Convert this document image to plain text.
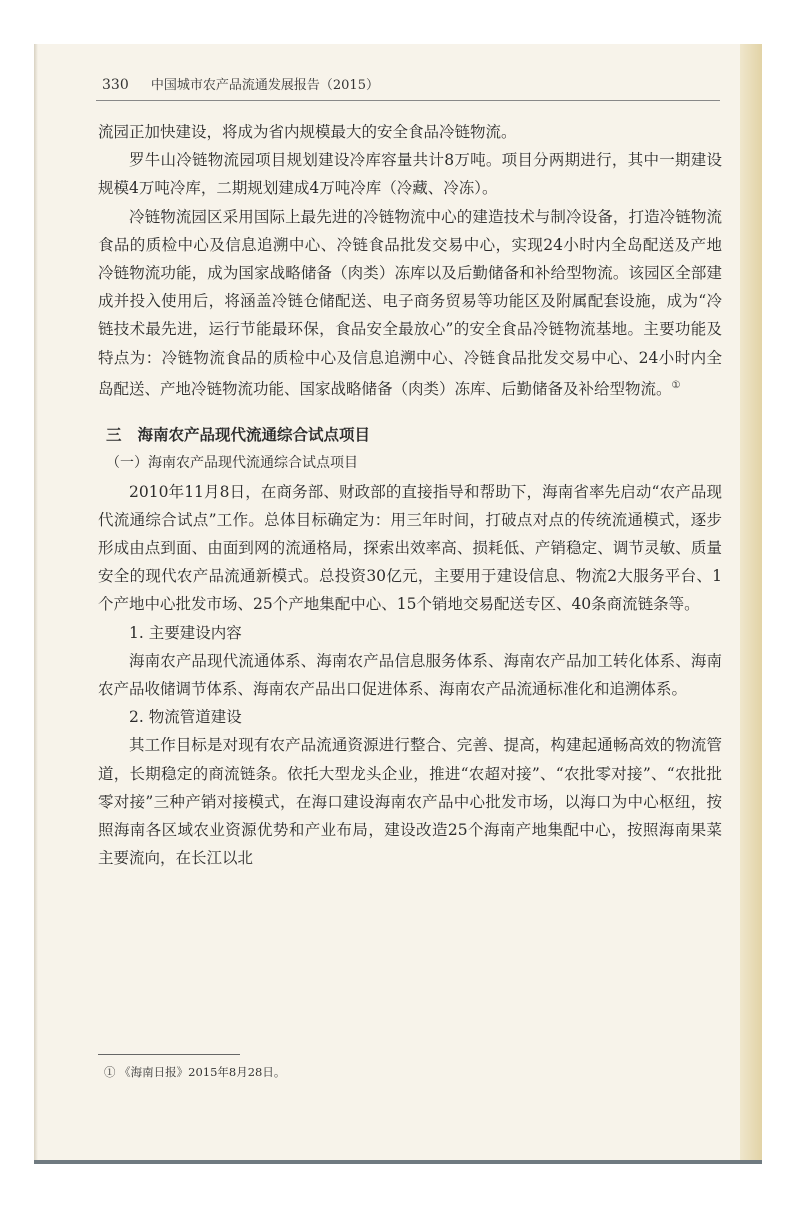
330 中国城市农产品流通发展报告（2015）

流园正加快建设，将成为省内规模最大的安全食品冷链物流。

罗牛山冷链物流园项目规划建设冷库容量共计8万吨。项目分两期进行，其中一期建设规模4万吨冷库，二期规划建成4万吨冷库（冷藏、冷冻）。

冷链物流园区采用国际上最先进的冷链物流中心的建造技术与制冷设备，打造冷链物流食品的质检中心及信息追溯中心、冷链食品批发交易中心，实现24小时内全岛配送及产地冷链物流功能，成为国家战略储备（肉类）冻库以及后勤储备和补给型物流。该园区全部建成并投入使用后，将涵盖冷链仓储配送、电子商务贸易等功能区及附属配套设施，成为“冷链技术最先进，运行节能最环保，食品安全最放心”的安全食品冷链物流基地。主要功能及特点为：冷链物流食品的质检中心及信息追溯中心、冷链食品批发交易中心、24小时内全岛配送、产地冷链物流功能、国家战略储备（肉类）冻库、后勤储备及补给型物流。①

三 海南农产品现代流通综合试点项目

（一）海南农产品现代流通综合试点项目

2010年11月8日，在商务部、财政部的直接指导和帮助下，海南省率先启动“农产品现代流通综合试点”工作。总体目标确定为：用三年时间，打破点对点的传统流通模式，逐步形成由点到面、由面到网的流通格局，探索出效率高、损耗低、产销稳定、调节灵敏、质量安全的现代农产品流通新模式。总投资30亿元，主要用于建设信息、物流2大服务平台、1个产地中心批发市场、25个产地集配中心、15个销地交易配送专区、40条商流链条等。

1. 主要建设内容

海南农产品现代流通体系、海南农产品信息服务体系、海南农产品加工转化体系、海南农产品收储调节体系、海南农产品出口促进体系、海南农产品流通标准化和追溯体系。

2. 物流管道建设

其工作目标是对现有农产品流通资源进行整合、完善、提高，构建起通畅高效的物流管道，长期稳定的商流链条。依托大型龙头企业，推进“农超对接”、“农批零对接”、“农批批零对接”三种产销对接模式，在海口建设海南农产品中心批发市场，以海口为中心枢纽，按照海南各区域农业资源优势和产业布局，建设改造25个海南产地集配中心，按照海南果菜主要流向，在长江以北

① 《海南日报》2015年8月28日。
